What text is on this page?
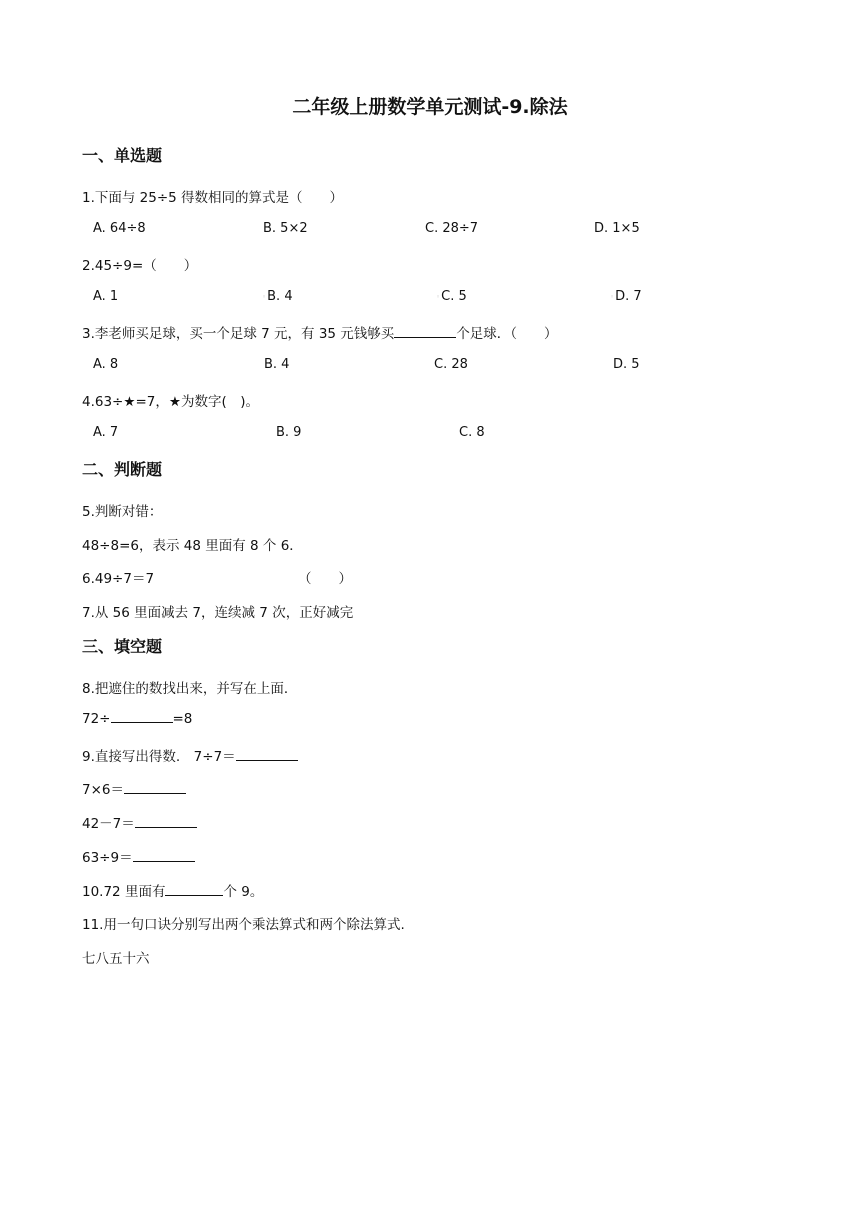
二年级上册数学单元测试-9.除法
一、单选题
1.下面与 25÷5 得数相同的算式是（　　）
A. 64÷8	B. 5×2	C. 28÷7	D. 1×5
2.45÷9=（　　）
A. 1	◦B. 4	◦C. 5	◦D. 7
3.李老师买足球，买一个足球 7 元，有 35 元钱够买	个足球．（　　）
A. 8	B. 4	C. 28	D. 5
4.63÷★=7，★为数字(　)。
A. 7	B. 9	C. 8
二、判断题
5.判断对错：
48÷8=6，表示 48 里面有 8 个 6．
6.49÷7＝7	（　　）
7.从 56 里面减去 7，连续减 7 次，正好减完
三、填空题
8.把遮住的数找出来，并写在上面．
72÷	=8
9.直接写出得数.　7÷7＝
7×6＝
42－7＝
63÷9＝
10.72 里面有	个 9。
11.用一句口诀分别写出两个乘法算式和两个除法算式.
七八五十六
